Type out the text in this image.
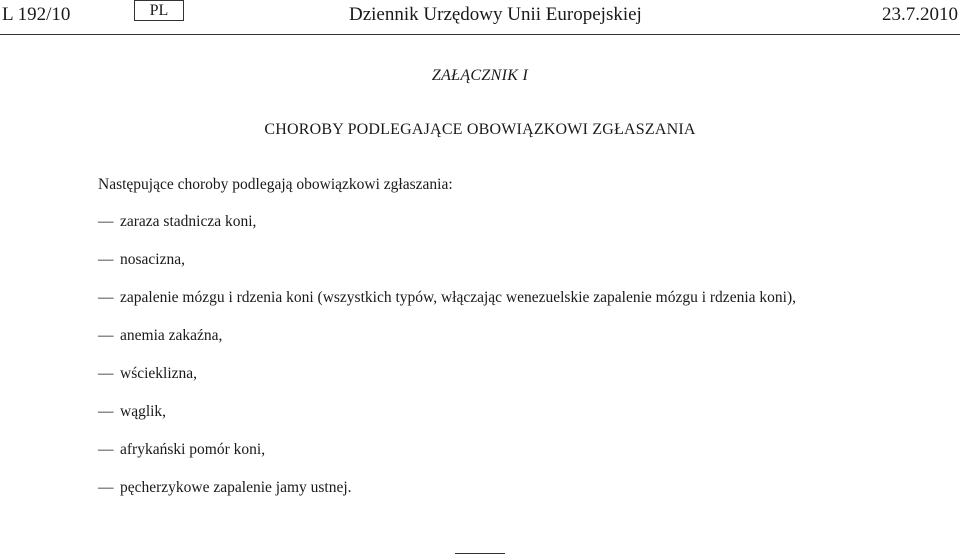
L 192/10	PL	Dziennik Urzędowy Unii Europejskiej	23.7.2010
ZAŁĄCZNIK I
CHOROBY PODLEGAJĄCE OBOWIĄZKOWI ZGŁASZANIA
Następujące choroby podlegają obowiązkowi zgłaszania:
— zaraza stadnicza koni,
— nosacizna,
— zapalenie mózgu i rdzenia koni (wszystkich typów, włączając wenezuelskie zapalenie mózgu i rdzenia koni),
— anemia zakaźna,
— wścieklizna,
— wąglik,
— afrykański pomór koni,
— pęcherzykowe zapalenie jamy ustnej.
